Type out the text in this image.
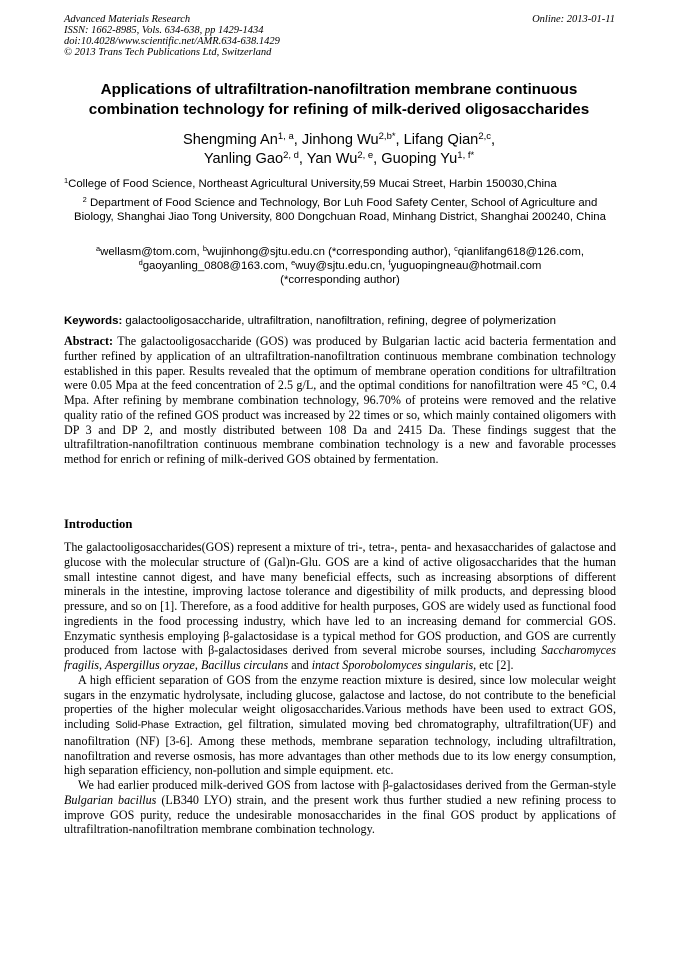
Advanced Materials Research
ISSN: 1662-8985, Vols. 634-638, pp 1429-1434
doi:10.4028/www.scientific.net/AMR.634-638.1429
© 2013 Trans Tech Publications Ltd, Switzerland
Online: 2013-01-11
Applications of ultrafiltration-nanofiltration membrane continuous
combination technology for refining of milk-derived oligosaccharides
Shengming An$^{1, a}$, Jinhong $Wu^{2,b*}$, Lifang Qian$^{2,c}$,
Yanling Gao$^{2, d}$, Yan Wu$^{2, e}$, Guoping $Yu^{1, f*}$
$^1$College of Food Science, Northeast Agricultural University,59 Mucai Street, Harbin 150030,China
$^2$ Department of Food Science and Technology, Bor Luh Food Safety Center, School of Agriculture and Biology, Shanghai Jiao Tong University, 800 Dongchuan Road, Minhang District, Shanghai 200240, China
$^a$wellasm@tom.com, $^b$wujinhong@sjtu.edu.cn (*corresponding author), $^c$qianlifang618@126.com,
$^d$gaoyanling_0808@163.com, $^e$wuy@sjtu.edu.cn, $^f$yuguopingneau@hotmail.com
(*corresponding author)
Keywords: galactooligosaccharide, ultrafiltration, nanofiltration, refining, degree of polymerization
Abstract: The galactooligosaccharide (GOS) was produced by Bulgarian lactic acid bacteria fermentation and further refined by application of an ultrafiltration-nanofiltration continuous membrane combination technology established in this paper. Results revealed that the optimum of membrane operation conditions for ultrafiltration were 0.05 Mpa at the feed concentration of 2.5 g/L, and the optimal conditions for nanofiltration were 45 °C, 0.4 Mpa. After refining by membrane combination technology, 96.70% of proteins were removed and the relative quality ratio of the refined GOS product was increased by 22 times or so, which mainly contained oligomers with DP 3 and DP 2, and mostly distributed between 108 Da and 2415 Da. These findings suggest that the ultrafiltration-nanofiltration continuous membrane combination technology is a new and favorable processes method for enrich or refining of milk-derived GOS obtained by fermentation.
Introduction

The galactooligosaccharides(GOS) represent a mixture of tri-, tetra-, penta- and hexasaccharides of galactose and glucose with the molecular structure of (Gal)n-Glu. GOS are a kind of active oligosaccharides that the human small intestine cannot digest, and have many beneficial effects, such as increasing absorptions of different minerals in the intestine, improving lactose tolerance and digestibility of milk products, and depressing blood pressure, and so on [1]. Therefore, as a food additive for health purposes, GOS are widely used as functional food ingredients in the food processing industry, which have led to an increasing demand for commercial GOS. Enzymatic synthesis employing β-galactosidase is a typical method for GOS production, and GOS are currently produced from lactose with β-galactosidases derived from several microbe sourses, including Saccharomyces fragilis, Aspergillus oryzae, Bacillus circulans and intact Sporobolomyces singularis, etc [2].

A high efficient separation of GOS from the enzyme reaction mixture is desired, since low molecular weight sugars in the enzymatic hydrolysate, including glucose, galactose and lactose, do not contribute to the beneficial properties of the higher molecular weight oligosaccharides.Various methods have been used to extract GOS, including Solid-Phase Extraction, gel filtration, simulated moving bed chromatography, ultrafiltration(UF) and nanofiltration (NF) [3-6]. Among these methods, membrane separation technology, including ultrafiltration, nanofiltration and reverse osmosis, has more advantages than other methods due to its low energy consumption, high separation efficiency, non-pollution and simple equipment. etc.

We had earlier produced milk-derived GOS from lactose with β-galactosidases derived from the German-style Bulgarian bacillus (LB340 LYO) strain, and the present work thus further studied a new refining process to improve GOS purity, reduce the undesirable monosaccharides in the final GOS product by applications of ultrafiltration-nanofiltration membrane combination technology.
